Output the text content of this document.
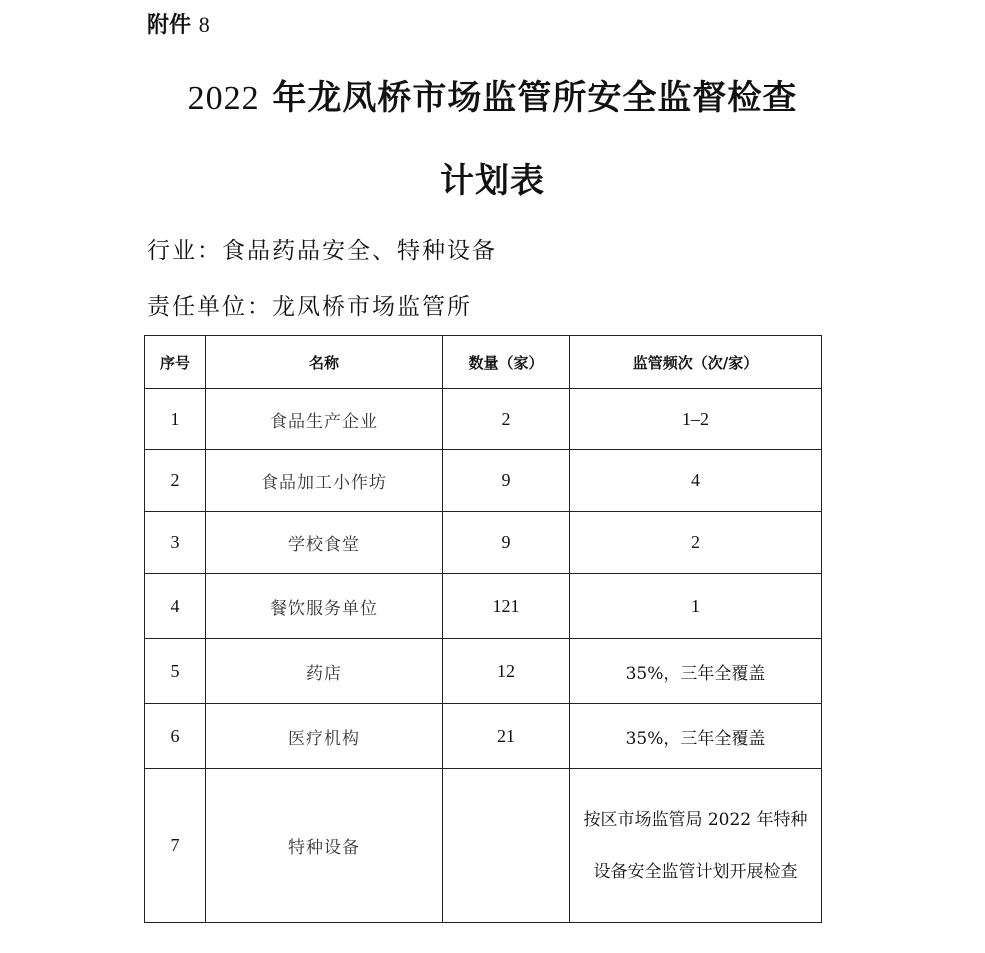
附件 8
2022 年龙凤桥市场监管所安全监督检查
计划表
行业：食品药品安全、特种设备
责任单位：龙凤桥市场监管所
序号	名称	数量（家）	监管频次（次/家）
1	食品生产企业	2	1–2
2	食品加工小作坊	9	4
3	学校食堂	9	2
4	餐饮服务单位	121	1
5	药店	12	35%，三年全覆盖
6	医疗机构	21	35%，三年全覆盖
7	特种设备		按区市场监管局 2022 年特种设备安全监管计划开展检查
